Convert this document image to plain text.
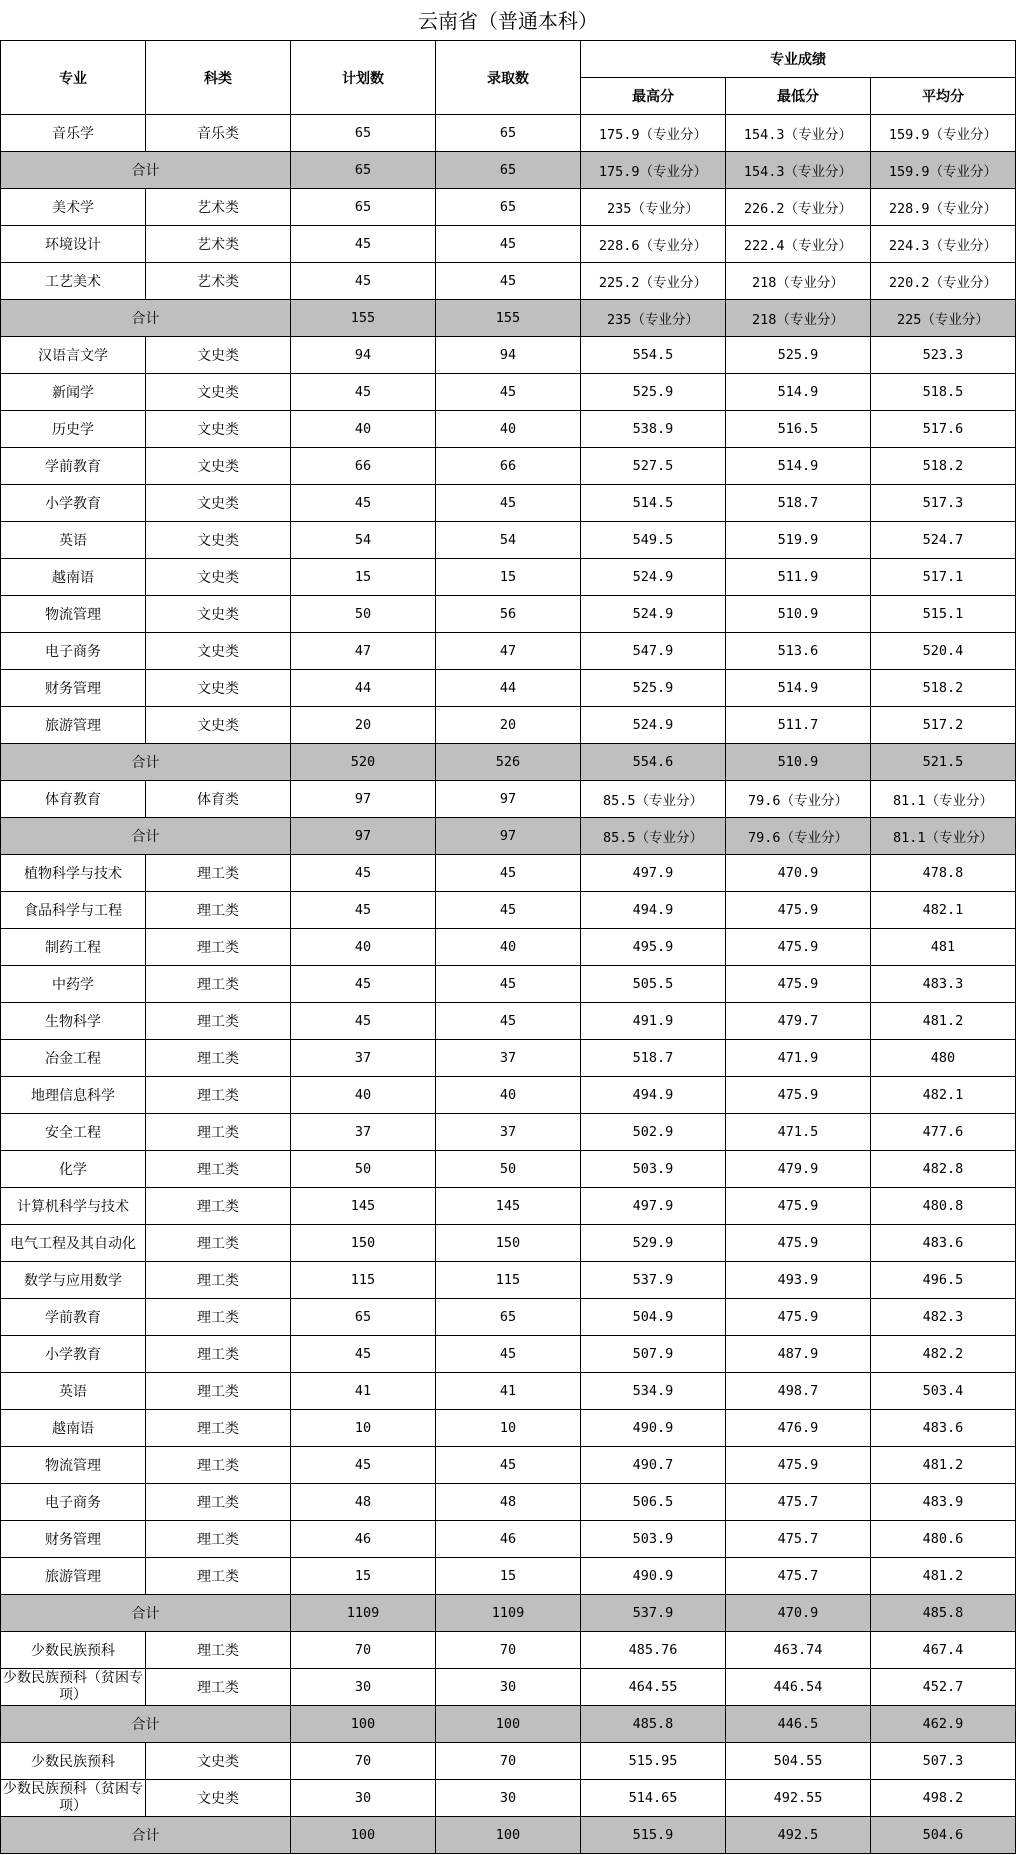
云南省（普通本科）
专业	科类	计划数	录取数	专业成绩		
				最高分	最低分	平均分
音乐学	音乐类	65	65	175.9（专业分）	154.3（专业分）	159.9（专业分）
合计		65	65	175.9（专业分）	154.3（专业分）	159.9（专业分）
美术学	艺术类	65	65	235（专业分）	226.2（专业分）	228.9（专业分）
环境设计	艺术类	45	45	228.6（专业分）	222.4（专业分）	224.3（专业分）
工艺美术	艺术类	45	45	225.2（专业分）	218（专业分）	220.2（专业分）
合计		155	155	235（专业分）	218（专业分）	225（专业分）
汉语言文学	文史类	94	94	554.5	525.9	523.3
新闻学	文史类	45	45	525.9	514.9	518.5
历史学	文史类	40	40	538.9	516.5	517.6
学前教育	文史类	66	66	527.5	514.9	518.2
小学教育	文史类	45	45	514.5	518.7	517.3
英语	文史类	54	54	549.5	519.9	524.7
越南语	文史类	15	15	524.9	511.9	517.1
物流管理	文史类	50	56	524.9	510.9	515.1
电子商务	文史类	47	47	547.9	513.6	520.4
财务管理	文史类	44	44	525.9	514.9	518.2
旅游管理	文史类	20	20	524.9	511.7	517.2
合计		520	526	554.6	510.9	521.5
体育教育	体育类	97	97	85.5（专业分）	79.6（专业分）	81.1（专业分）
合计		97	97	85.5（专业分）	79.6（专业分）	81.1（专业分）
植物科学与技术	理工类	45	45	497.9	470.9	478.8
食品科学与工程	理工类	45	45	494.9	475.9	482.1
制药工程	理工类	40	40	495.9	475.9	481
中药学	理工类	45	45	505.5	475.9	483.3
生物科学	理工类	45	45	491.9	479.7	481.2
冶金工程	理工类	37	37	518.7	471.9	480
地理信息科学	理工类	40	40	494.9	475.9	482.1
安全工程	理工类	37	37	502.9	471.5	477.6
化学	理工类	50	50	503.9	479.9	482.8
计算机科学与技术	理工类	145	145	497.9	475.9	480.8
电气工程及其自动化	理工类	150	150	529.9	475.9	483.6
数学与应用数学	理工类	115	115	537.9	493.9	496.5
学前教育	理工类	65	65	504.9	475.9	482.3
小学教育	理工类	45	45	507.9	487.9	482.2
英语	理工类	41	41	534.9	498.7	503.4
越南语	理工类	10	10	490.9	476.9	483.6
物流管理	理工类	45	45	490.7	475.9	481.2
电子商务	理工类	48	48	506.5	475.7	483.9
财务管理	理工类	46	46	503.9	475.7	480.6
旅游管理	理工类	15	15	490.9	475.7	481.2
合计		1109	1109	537.9	470.9	485.8
少数民族预科	理工类	70	70	485.76	463.74	467.4
少数民族预科（贫困专项）	理工类	30	30	464.55	446.54	452.7
合计		100	100	485.8	446.5	462.9
少数民族预科	文史类	70	70	515.95	504.55	507.3
少数民族预科（贫困专项）	文史类	30	30	514.65	492.55	498.2
合计		100	100	515.9	492.5	504.6
